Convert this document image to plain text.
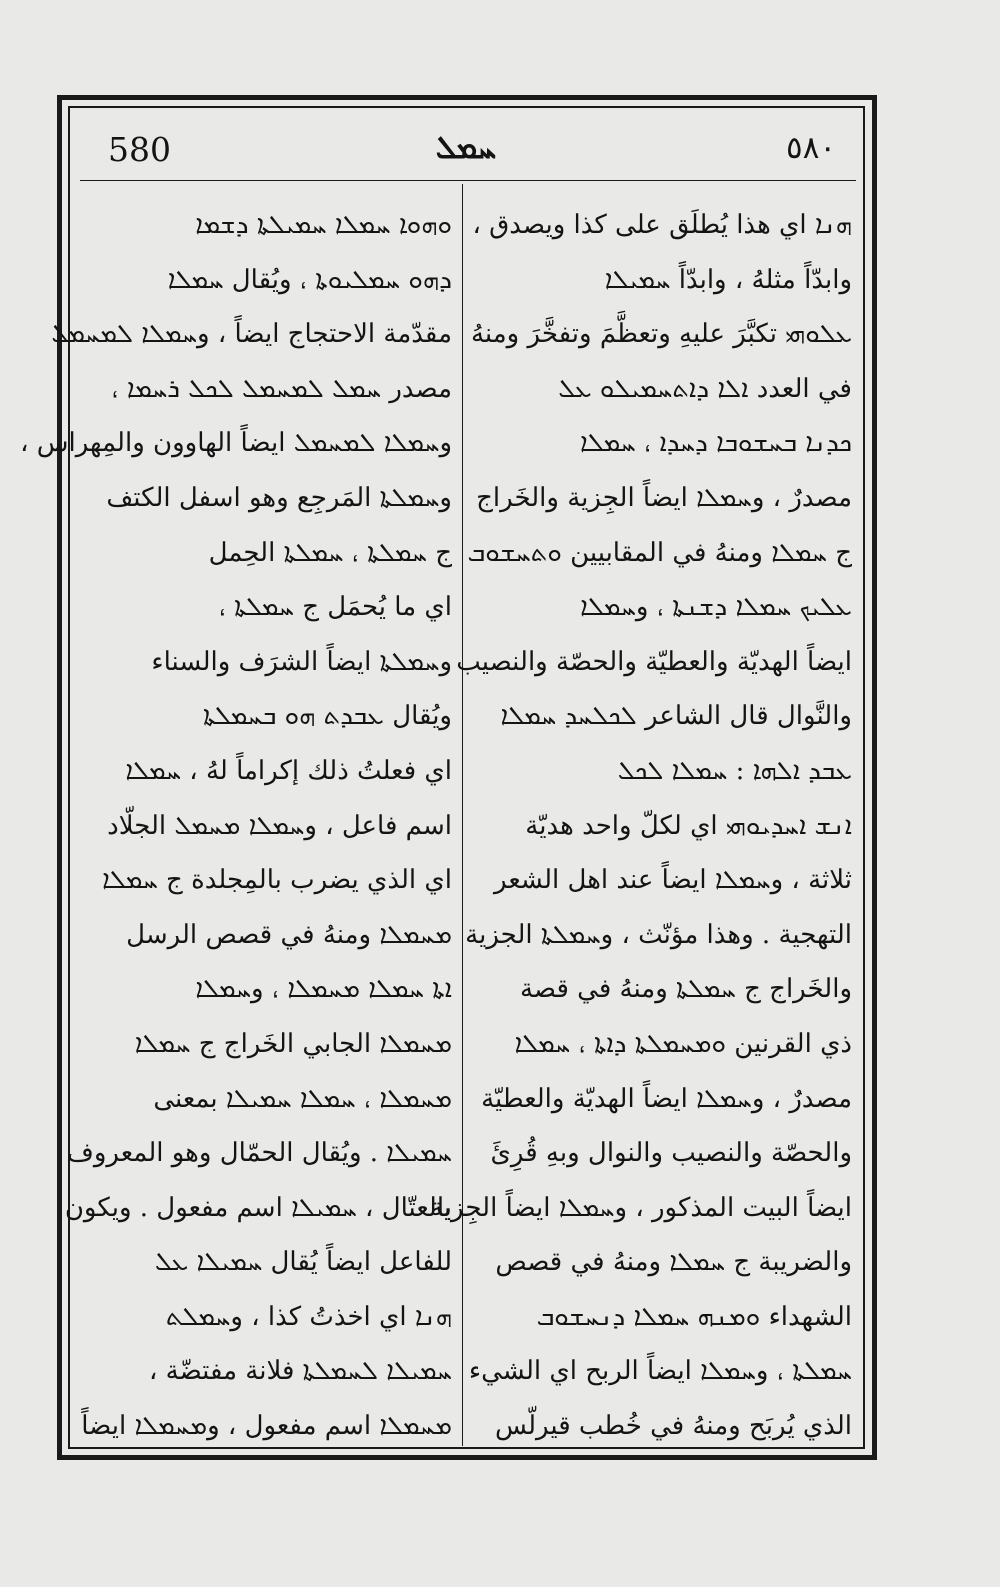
580	ܚܡܠ	٥٨٠
ܗܢܐ اي هذا يُطلَق على كذا ويصدق ،
وابدّاً مثلهُ ، وابدّاً ܚܡܝܠܐ
ܥܠܘܗܝ تكبَّرَ عليهِ وتعظَّمَ وتفخَّرَ ومنهُ
في العدد ܐܠܐ ܕܐܬܚܡܝܠܘ ܥܠ
ܟܕܢܐ ܒܚܫܘܒܐ ܕܚܕܐ ، ܚܡܠܐ
مصدرٌ ، وܚܡܠܐ ايضاً الجِزية والخَراج
ج ܚܡܠܐ ومنهُ في المقابيين ܘܬܚܫܘܒ
ܥܠܝܟ ܚܡܠܐ ܕܫܢܬܐ ، وܚܡܠܐ
ايضاً الهديّة والعطيّة والحصّة والنصيب
والنَّوال قال الشاعر ܠܟܠܚܕ ܚܡܠܐ
ܥܒܕ ܐܠܗܐ : ܚܡܠܐ ܠܟܠ
ܐܢܫ ܐܚܕܝܘܗܝ اي لكلّ واحد هديّة
ثلاثة ، وܚܡܠܐ ايضاً عند اهل الشعر
التهجية . وهذا مؤنّث ، وܚܡܠܬܐ الجزية
والخَراج ج ܚܡܠܬܐ ومنهُ في قصة
ذي القرنين ܘܡܚܡܠܬܐ ܕܐܬܐ ، ܚܡܠܐ
مصدرٌ ، وܚܡܠܐ ايضاً الهديّة والعطيّة
والحصّة والنصيب والنوال وبهِ قُرِئَ
ايضاً البيت المذكور ، وܚܡܠܐ ايضاً الجِزية
والضريبة ج ܚܡܠܐ ومنهُ في قصص
الشهداء ܘܡܢܗ ܚܡܠܐ ܕܢܚܫܘܒ
ܚܡܠܬܐ ، وܚܡܠܐ ايضاً الربح اي الشيء
الذي يُربَح ومنهُ في خُطب قيرلّس
ܘܗܘܐ ܚܡܠܐ ܚܡܝܠܬܐ ܕܫܡܐ
ܕܗܘ ܚܡܠܝܘܬܐ ، ويُقال ܚܡܠܐ
مقدّمة الاحتجاج ايضاً ، وܚܡܠܐ ܠܡܚܡܠ
مصدر ܚܡܠ ܠܡܚܡܠ ܠܟܠ ܪܚܡܐ ،
وܚܡܠܐ ܠܡܚܡܠ ايضاً الهاوون والمِهراس ،
وܚܡܠܬܐ المَرجِع وهو اسفل الكتف
ج ܚܡܠܬܐ ، ܚܡܠܬܐ الحِمل
اي ما يُحمَل ج ܚܡܠܬܐ ،
وܚܡܠܬܐ ايضاً الشرَف والسناء
ويُقال ܥܒܕܬ ܗܘ ܒܚܡܠܬܐ
اي فعلتُ ذلك إكراماً لهُ ، ܚܡܠܐ
اسم فاعل ، وܚܡܠܐ ܡܚܡܠ الجلّاد
اي الذي يضرب بالمِجلدة ج ܚܡܠܐ
ܡܚܡܠܐ ومنهُ في قصص الرسل
ܐܬܐ ܚܡܠܐ ܡܚܡܠܐ ، وܚܡܠܐ
ܡܚܡܠܐ الجابي الخَراج ج ܚܡܠܐ
ܡܚܡܠܐ ، ܚܡܠܐ ܚܡܝܠܐ بمعنى
ܚܡܝܠܐ . ويُقال الحمّال وهو المعروف
بالعتّال ، ܚܡܝܠܐ اسم مفعول . ويكون
للفاعل ايضاً يُقال ܚܡܝܠܐ ܥܠ
ܗܢܐ اي اخذتُ كذا ، وܚܡܠܬ
ܚܡܝܠܐ ܠܚܡܠܬܐ فلانة مفتضّة ،
ܡܚܡܠܐ اسم مفعول ، وܡܚܡܠܐ ايضاً
